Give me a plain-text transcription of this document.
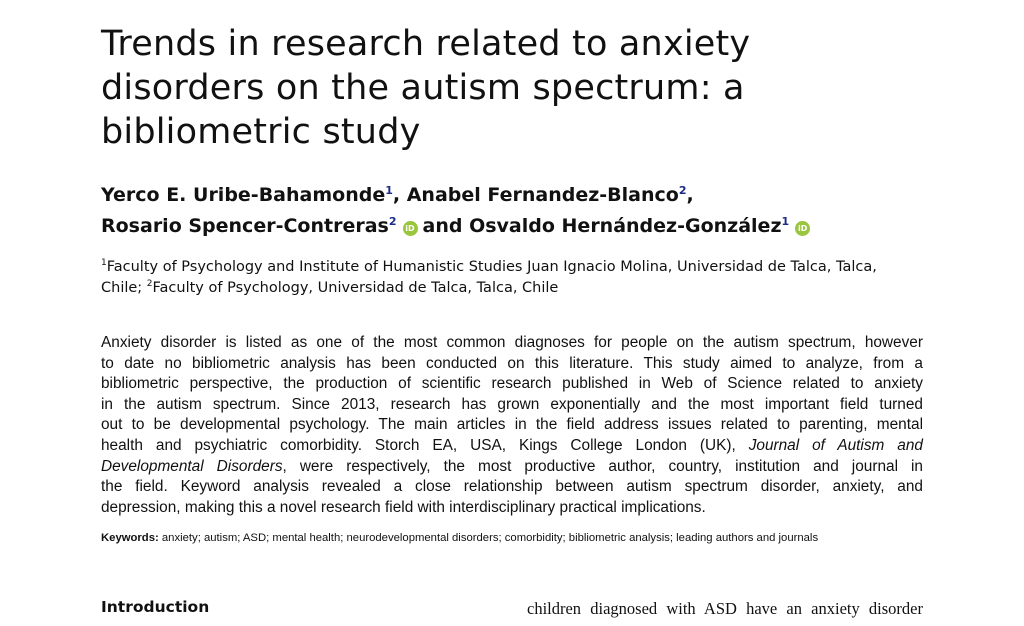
Trends in research related to anxiety
disorders on the autism spectrum: a
bibliometric study
Yerco E. Uribe-Bahamonde$^1$, Anabel Fernandez-Blanco$^2$,
Rosario Spencer-Contreras$^2$iD and Osvaldo Hernández-González$^1$iD
$^1$Faculty of Psychology and Institute of Humanistic Studies Juan Ignacio Molina, Universidad de Talca, Talca,
Chile; $^2$Faculty of Psychology, Universidad de Talca, Talca, Chile
Anxiety disorder is listed as one of the most common diagnoses for people on the autism spectrum, however
to date no bibliometric analysis has been conducted on this literature. This study aimed to analyze, from a
bibliometric perspective, the production of scientific research published in Web of Science related to anxiety
in the autism spectrum. Since 2013, research has grown exponentially and the most important field turned
out to be developmental psychology. The main articles in the field address issues related to parenting, mental
health and psychiatric comorbidity. Storch EA, USA, Kings College London (UK), Journal of Autism and
Developmental Disorders, were respectively, the most productive author, country, institution and journal in
the field. Keyword analysis revealed a close relationship between autism spectrum disorder, anxiety, and
depression, making this a novel research field with interdisciplinary practical implications.
Keywords: anxiety; autism; ASD; mental health; neurodevelopmental disorders; comorbidity; bibliometric analysis; leading authors and journals
Introduction	children diagnosed with ASD have an anxiety disorder
